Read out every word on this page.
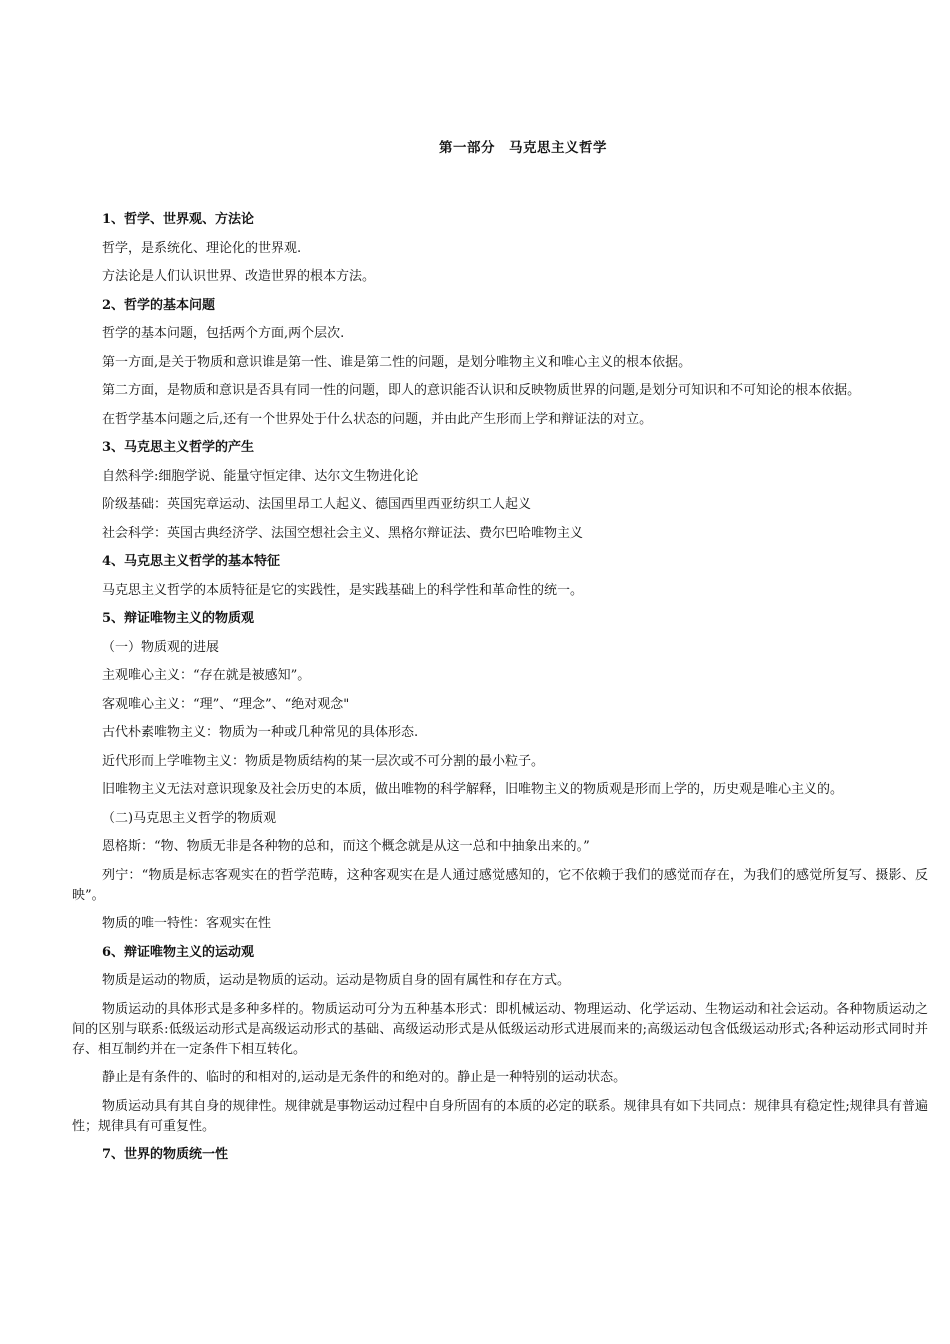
第一部分　马克思主义哲学
1、哲学、世界观、方法论
哲学，是系统化、理论化的世界观.
方法论是人们认识世界、改造世界的根本方法。
2、哲学的基本问题
哲学的基本问题，包括两个方面,两个层次.
第一方面,是关于物质和意识谁是第一性、谁是第二性的问题，是划分唯物主义和唯心主义的根本依据。
第二方面，是物质和意识是否具有同一性的问题，即人的意识能否认识和反映物质世界的问题,是划分可知识和不可知论的根本依据。
在哲学基本问题之后,还有一个世界处于什么状态的问题，并由此产生形而上学和辩证法的对立。
3、马克思主义哲学的产生
自然科学:细胞学说、能量守恒定律、达尔文生物进化论
阶级基础：英国宪章运动、法国里昂工人起义、德国西里西亚纺织工人起义
社会科学：英国古典经济学、法国空想社会主义、黑格尔辩证法、费尔巴哈唯物主义
4、马克思主义哲学的基本特征
马克思主义哲学的本质特征是它的实践性，是实践基础上的科学性和革命性的统一。
5、辩证唯物主义的物质观
（一）物质观的进展
主观唯心主义：“存在就是被感知”。
客观唯心主义：“理”、“理念”、“绝对观念"
古代朴素唯物主义：物质为一种或几种常见的具体形态.
近代形而上学唯物主义：物质是物质结构的某一层次或不可分割的最小粒子。
旧唯物主义无法对意识现象及社会历史的本质，做出唯物的科学解释，旧唯物主义的物质观是形而上学的，历史观是唯心主义的。
（二)马克思主义哲学的物质观
恩格斯：“物、物质无非是各种物的总和，而这个概念就是从这一总和中抽象出来的。”
列宁：“物质是标志客观实在的哲学范畴，这种客观实在是人通过感觉感知的，它不依赖于我们的感觉而存在，为我们的感觉所复写、摄影、反映”。
物质的唯一特性：客观实在性
6、辩证唯物主义的运动观
物质是运动的物质，运动是物质的运动。运动是物质自身的固有属性和存在方式。
物质运动的具体形式是多种多样的。物质运动可分为五种基本形式：即机械运动、物理运动、化学运动、生物运动和社会运动。各种物质运动之间的区别与联系:低级运动形式是高级运动形式的基础、高级运动形式是从低级运动形式进展而来的;高级运动包含低级运动形式;各种运动形式同时并存、相互制约并在一定条件下相互转化。
静止是有条件的、临时的和相对的,运动是无条件的和绝对的。静止是一种特别的运动状态。
物质运动具有其自身的规律性。规律就是事物运动过程中自身所固有的本质的必定的联系。规律具有如下共同点：规律具有稳定性;规律具有普遍性；规律具有可重复性。
7、世界的物质统一性
